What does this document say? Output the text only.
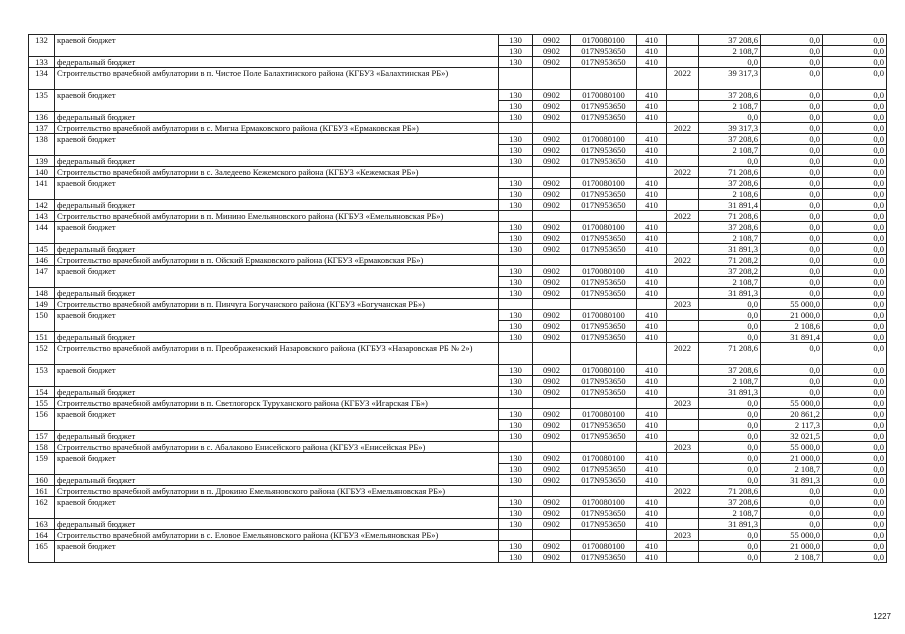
132	краевой бюджет	130	0902	0170080100	410		37 208,6	0,0	0,0
		130	0902	017N953650	410		2 108,7	0,0	0,0
133	федеральный бюджет	130	0902	017N953650	410		0,0	0,0	0,0
134	Строительство врачебной амбулатории в п. Чистое Поле Балахтинского района (КГБУЗ «Балахтинская РБ»)					2022	39 317,3	0,0	0,0
135	краевой бюджет	130	0902	0170080100	410		37 208,6	0,0	0,0
		130	0902	017N953650	410		2 108,7	0,0	0,0
136	федеральный бюджет	130	0902	017N953650	410		0,0	0,0	0,0
137	Строительство врачебной амбулатории в с. Мигна Ермаковского района (КГБУЗ «Ермаковская РБ»)					2022	39 317,3	0,0	0,0
138	краевой бюджет	130	0902	0170080100	410		37 208,6	0,0	0,0
		130	0902	017N953650	410		2 108,7	0,0	0,0
139	федеральный бюджет	130	0902	017N953650	410		0,0	0,0	0,0
140	Строительство врачебной амбулатории в с. Заледеево Кежемского района (КГБУЗ «Кежемская РБ»)					2022	71 208,6	0,0	0,0
141	краевой бюджет	130	0902	0170080100	410		37 208,6	0,0	0,0
		130	0902	017N953650	410		2 108,6	0,0	0,0
142	федеральный бюджет	130	0902	017N953650	410		31 891,4	0,0	0,0
143	Строительство врачебной амбулатории в п. Минино Емельяновского района (КГБУЗ «Емельяновская РБ»)					2022	71 208,6	0,0	0,0
144	краевой бюджет	130	0902	0170080100	410		37 208,6	0,0	0,0
		130	0902	017N953650	410		2 108,7	0,0	0,0
145	федеральный бюджет	130	0902	017N953650	410		31 891,3	0,0	0,0
146	Строительство врачебной амбулатории в п. Ойский Ермаковского района (КГБУЗ «Ермаковская РБ»)					2022	71 208,2	0,0	0,0
147	краевой бюджет	130	0902	0170080100	410		37 208,2	0,0	0,0
		130	0902	017N953650	410		2 108,7	0,0	0,0
148	федеральный бюджет	130	0902	017N953650	410		31 891,3	0,0	0,0
149	Строительство врачебной амбулатории в п. Пинчуга Богучанского района (КГБУЗ «Богучанская РБ»)					2023	0,0	55 000,0	0,0
150	краевой бюджет	130	0902	0170080100	410		0,0	21 000,0	0,0
		130	0902	017N953650	410		0,0	2 108,6	0,0
151	федеральный бюджет	130	0902	017N953650	410		0,0	31 891,4	0,0
152	Строительство врачебной амбулатории в п. Преображенский Назаровского района (КГБУЗ «Назаровская РБ № 2»)					2022	71 208,6	0,0	0,0
153	краевой бюджет	130	0902	0170080100	410		37 208,6	0,0	0,0
		130	0902	017N953650	410		2 108,7	0,0	0,0
154	федеральный бюджет	130	0902	017N953650	410		31 891,3	0,0	0,0
155	Строительство врачебной амбулатории в п. Светлогорск Туруханского района (КГБУЗ «Игарская ГБ»)					2023	0,0	55 000,0	0,0
156	краевой бюджет	130	0902	0170080100	410		0,0	20 861,2	0,0
		130	0902	017N953650	410		0,0	2 117,3	0,0
157	федеральный бюджет	130	0902	017N953650	410		0,0	32 021,5	0,0
158	Строительство врачебной амбулатории в с. Абалаково Енисейского района (КГБУЗ «Енисейская РБ»)					2023	0,0	55 000,0	0,0
159	краевой бюджет	130	0902	0170080100	410		0,0	21 000,0	0,0
		130	0902	017N953650	410		0,0	2 108,7	0,0
160	федеральный бюджет	130	0902	017N953650	410		0,0	31 891,3	0,0
161	Строительство врачебной амбулатории в п. Дрокино Емельяновского района (КГБУЗ «Емельяновская РБ»)					2022	71 208,6	0,0	0,0
162	краевой бюджет	130	0902	0170080100	410		37 208,6	0,0	0,0
		130	0902	017N953650	410		2 108,7	0,0	0,0
163	федеральный бюджет	130	0902	017N953650	410		31 891,3	0,0	0,0
164	Строительство врачебной амбулатории в с. Еловое Емельяновского района (КГБУЗ «Емельяновская РБ»)					2023	0,0	55 000,0	0,0
165	краевой бюджет	130	0902	0170080100	410		0,0	21 000,0	0,0
		130	0902	017N953650	410		0,0	2 108,7	0,0
1227
